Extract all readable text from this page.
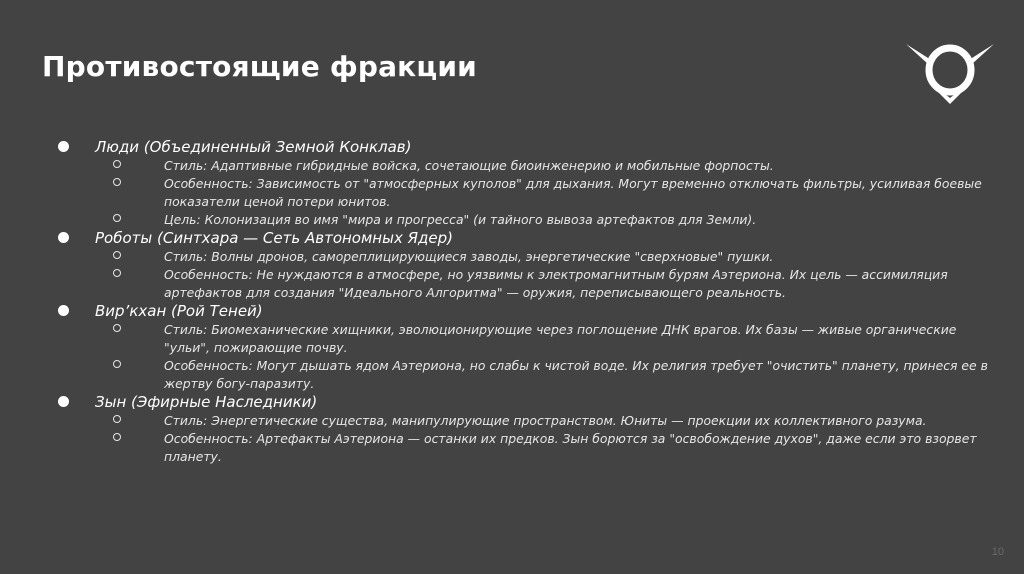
Противостоящие фракции
Люди (Объединенный Земной Конклав)
Стиль: Адаптивные гибридные войска, сочетающие биоинженерию и мобильные форпосты.
Особенность: Зависимость от "атмосферных куполов" для дыхания. Могут временно отключать фильтры, усиливая боевые показатели ценой потери юнитов.
Цель: Колонизация во имя "мира и прогресса" (и тайного вывоза артефактов для Земли).
Роботы (Синтхара — Сеть Автономных Ядер)
Стиль: Волны дронов, самореплицирующиеся заводы, энергетические "сверхновые" пушки.
Особенность: Не нуждаются в атмосфере, но уязвимы к электромагнитным бурям Аэтериона. Их цель — ассимиляция артефактов для создания "Идеального Алгоритма" — оружия, переписывающего реальность.
Вир’кхан (Рой Теней)
Стиль: Биомеханические хищники, эволюционирующие через поглощение ДНК врагов. Их базы — живые органические "ульи", пожирающие почву.
Особенность: Могут дышать ядом Аэтериона, но слабы к чистой воде. Их религия требует "очистить" планету, принеся ее в жертву богу-паразиту.
Зын (Эфирные Наследники)
Стиль: Энергетические существа, манипулирующие пространством. Юниты — проекции их коллективного разума.
Особенность: Артефакты Аэтериона — останки их предков. Зын борются за "освобождение духов", даже если это взорвет планету.
10
